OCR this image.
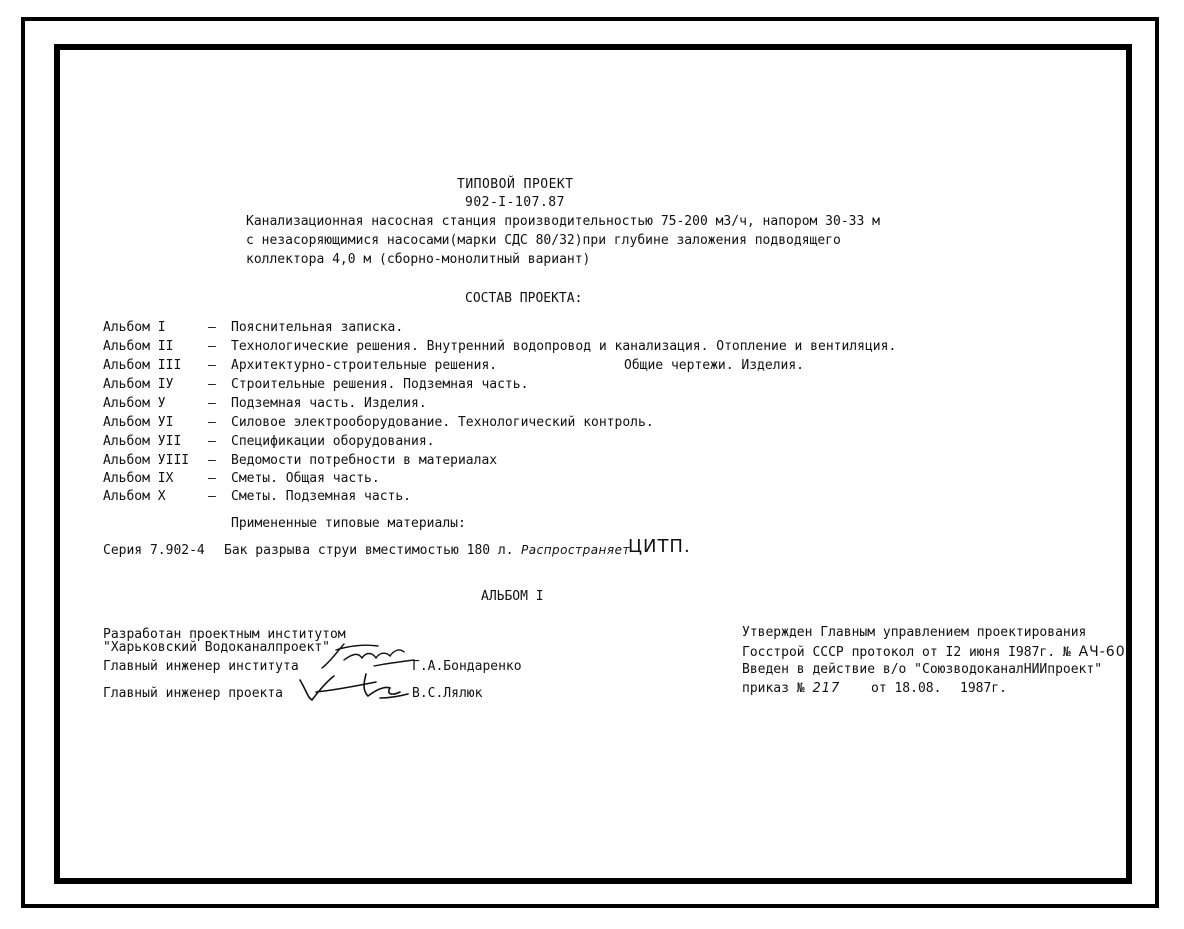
ТИПОВОЙ ПРОЕКТ
902-I-107.87
Канализационная насосная станция производительностью 75-200 м3/ч, напором 30-33 м
с незасоряющимися насосами(марки СДС 80/32)при глубине заложения подводящего
коллектора 4,0 м (сборно-монолитный вариант)
СОСТАВ ПРОЕКТА:
Альбом I	– Пояснительная записка.
Альбом II	– Технологические решения. Внутренний водопровод и канализация. Отопление и вентиляция.
Альбом III – Архитектурно-строительные решения.	Общие чертежи. Изделия.
Альбом IУ	– Строительные решения. Подземная часть.
Альбом У	– Подземная часть. Изделия.
Альбом УI	– Силовое электрооборудование. Технологический контроль.
Альбом УII – Спецификации оборудования.
Альбом УIII – Ведомости потребности в материалах
Альбом IX	– Сметы. Общая часть.
Альбом X	– Сметы. Подземная часть.
Примененные типовые материалы:
Серия 7.902-4 Бак разрыва струи вместимостью 180 л. Распространяет
ЦИТП.
АЛЬБОМ I
Разработан проектным институтом
"Харьковский Водоканалпроект"
Главный инженер института	Г.А.Бондаренко
Главный инженер проекта	В.С.Лялюк
Утвержден Главным управлением проектирования
Госстрой СССР протокол от I2 июня I987г. № АЧ-60
Введен в действие в/о "СоюзводоканалНИИпроект"
приказ № 217 от 18.08. 1987г.
